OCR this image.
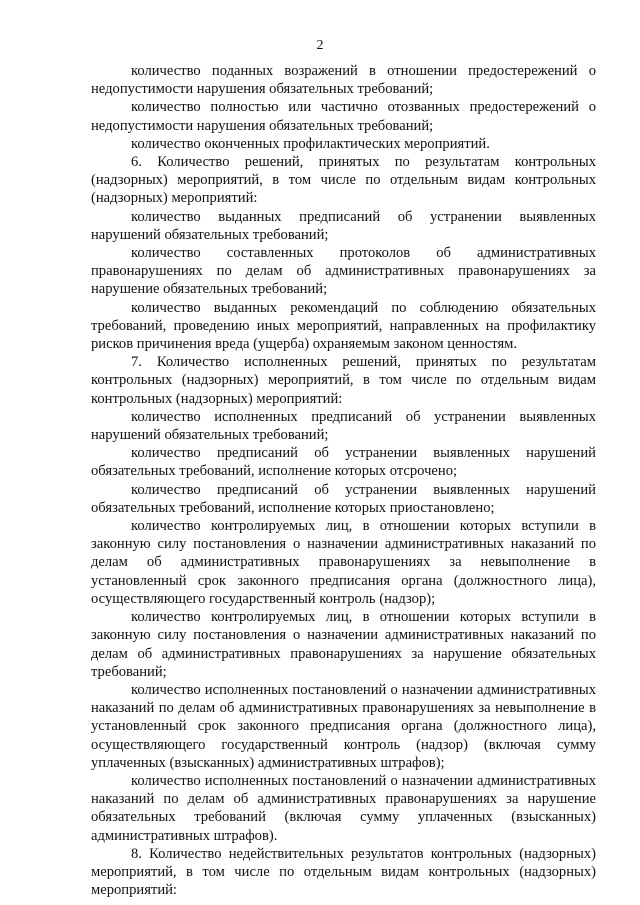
2

количество поданных возражений в отношении предостережений о недопустимости нарушения обязательных требований;

количество полностью или частично отозванных предостережений о недопустимости нарушения обязательных требований;

количество оконченных профилактических мероприятий.

6. Количество решений, принятых по результатам контрольных (надзорных) мероприятий, в том числе по отдельным видам контрольных (надзорных) мероприятий:

количество выданных предписаний об устранении выявленных нарушений обязательных требований;

количество составленных протоколов об административных правонарушениях по делам об административных правонарушениях за нарушение обязательных требований;

количество выданных рекомендаций по соблюдению обязательных требований, проведению иных мероприятий, направленных на профилактику рисков причинения вреда (ущерба) охраняемым законом ценностям.

7. Количество исполненных решений, принятых по результатам контрольных (надзорных) мероприятий, в том числе по отдельным видам контрольных (надзорных) мероприятий:

количество исполненных предписаний об устранении выявленных нарушений обязательных требований;

количество предписаний об устранении выявленных нарушений обязательных требований, исполнение которых отсрочено;

количество предписаний об устранении выявленных нарушений обязательных требований, исполнение которых приостановлено;

количество контролируемых лиц, в отношении которых вступили в законную силу постановления о назначении административных наказаний по делам об административных правонарушениях за невыполнение в установленный срок законного предписания органа (должностного лица), осуществляющего государственный контроль (надзор);

количество контролируемых лиц, в отношении которых вступили в законную силу постановления о назначении административных наказаний по делам об административных правонарушениях за нарушение обязательных требований;

количество исполненных постановлений о назначении административных наказаний по делам об административных правонарушениях за невыполнение в установленный срок законного предписания органа (должностного лица), осуществляющего государственный контроль (надзор) (включая сумму уплаченных (взысканных) административных штрафов);

количество исполненных постановлений о назначении административных наказаний по делам об административных правонарушениях за нарушение обязательных требований (включая сумму уплаченных (взысканных) административных штрафов).

8. Количество недействительных результатов контрольных (надзорных) мероприятий, в том числе по отдельным видам контрольных (надзорных) мероприятий:
